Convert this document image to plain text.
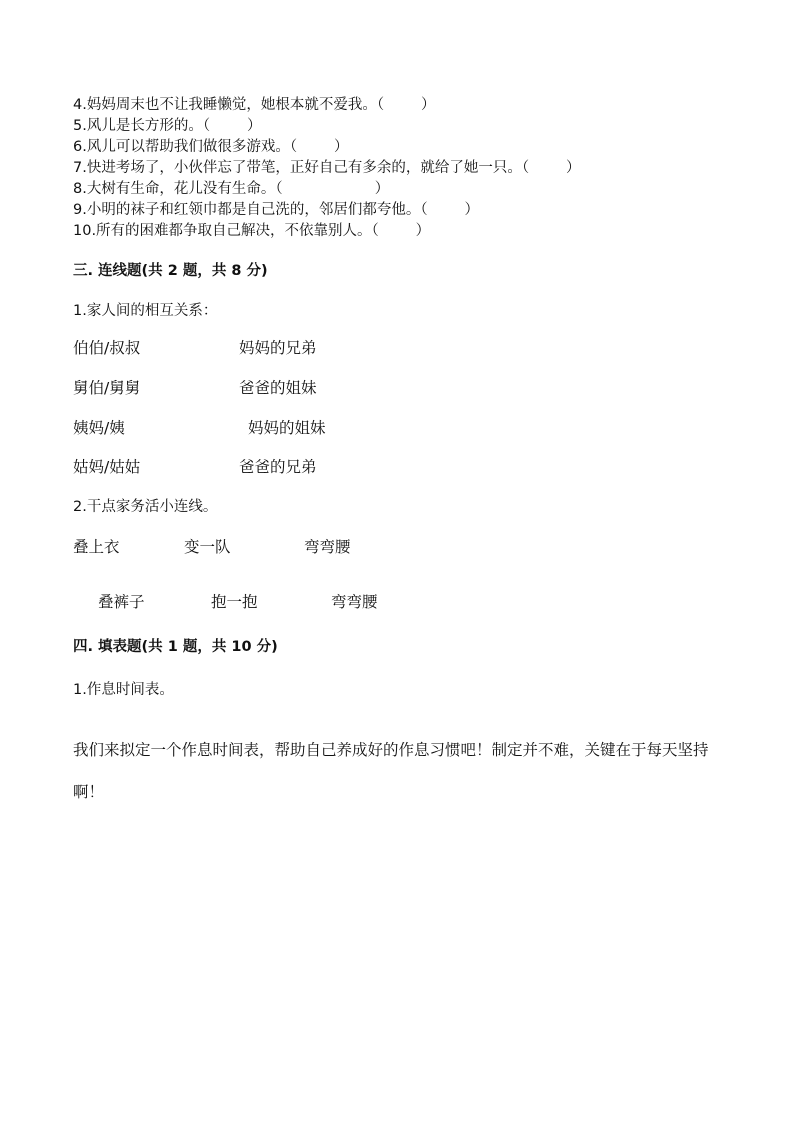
4.妈妈周末也不让我睡懒觉，她根本就不爱我。（        ）
5.风儿是长方形的。（        ）
6.风儿可以帮助我们做很多游戏。（        ）
7.快进考场了，小伙伴忘了带笔，正好自己有多余的，就给了她一只。（        ）
8.大树有生命，花儿没有生命。（                    ）
9.小明的袜子和红领巾都是自己洗的，邻居们都夸他。（        ）
10.所有的困难都争取自己解决，不依靠别人。（        ）
三. 连线题(共 2 题，共 8 分)
1.家人间的相互关系：
伯伯/叔叔	妈妈的兄弟
舅伯/舅舅	爸爸的姐妹
姨妈/姨	妈妈的姐妹
姑妈/姑姑	爸爸的兄弟
2.干点家务活小连线。
叠上衣	变一队	弯弯腰
叠裤子	抱一抱	弯弯腰
四. 填表题(共 1 题，共 10 分)
1.作息时间表。
我们来拟定一个作息时间表，帮助自己养成好的作息习惯吧！制定并不难，关键在于每天坚持
啊！
